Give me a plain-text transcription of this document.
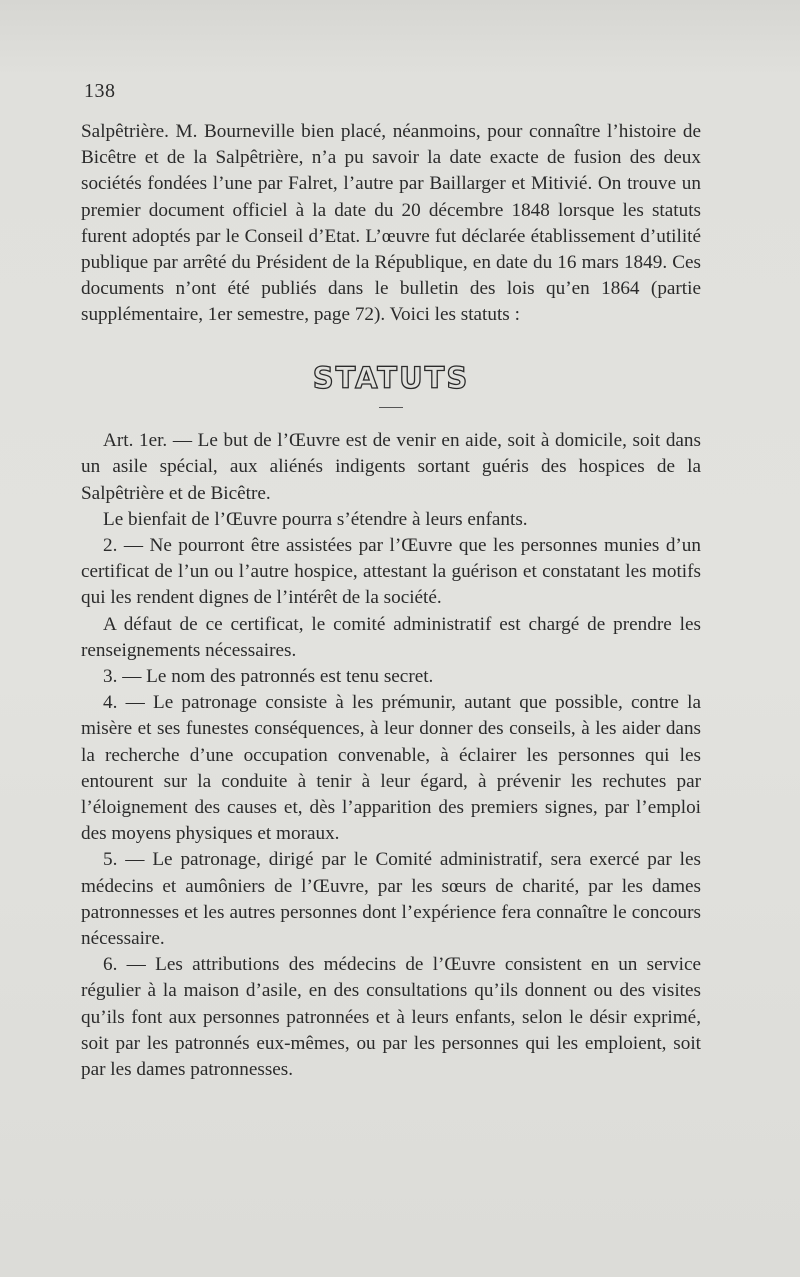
138

Salpêtrière. M. Bourneville bien placé, néanmoins, pour connaître l’histoire de Bicêtre et de la Salpêtrière, n’a pu savoir la date exacte de fusion des deux sociétés fondées l’une par Falret, l’autre par Baillarger et Mitivié. On trouve un premier document officiel à la date du 20 décembre 1848 lorsque les statuts furent adoptés par le Conseil d’Etat. L’œuvre fut déclarée établissement d’utilité publique par arrêté du Président de la République, en date du 16 mars 1849. Ces documents n’ont été publiés dans le bulletin des lois qu’en 1864 (partie supplémentaire, 1er semestre, page 72). Voici les statuts :

STATUTS

Art. 1er. — Le but de l’Œuvre est de venir en aide, soit à domicile, soit dans un asile spécial, aux aliénés indigents sortant guéris des hospices de la Salpêtrière et de Bicêtre.

Le bienfait de l’Œuvre pourra s’étendre à leurs enfants.

2. — Ne pourront être assistées par l’Œuvre que les personnes munies d’un certificat de l’un ou l’autre hospice, attestant la guérison et constatant les motifs qui les rendent dignes de l’intérêt de la société.

A défaut de ce certificat, le comité administratif est chargé de prendre les renseignements nécessaires.

3. — Le nom des patronnés est tenu secret.

4. — Le patronage consiste à les prémunir, autant que possible, contre la misère et ses funestes conséquences, à leur donner des conseils, à les aider dans la recherche d’une occupation convenable, à éclairer les personnes qui les entourent sur la conduite à tenir à leur égard, à prévenir les rechutes par l’éloignement des causes et, dès l’apparition des premiers signes, par l’emploi des moyens physiques et moraux.

5. — Le patronage, dirigé par le Comité administratif, sera exercé par les médecins et aumôniers de l’Œuvre, par les sœurs de charité, par les dames patronnesses et les autres personnes dont l’expérience fera connaître le concours nécessaire.

6. — Les attributions des médecins de l’Œuvre consistent en un service régulier à la maison d’asile, en des consultations qu’ils donnent ou des visites qu’ils font aux personnes patronnées et à leurs enfants, selon le désir exprimé, soit par les patronnés eux-mêmes, ou par les personnes qui les emploient, soit par les dames patronnesses.
